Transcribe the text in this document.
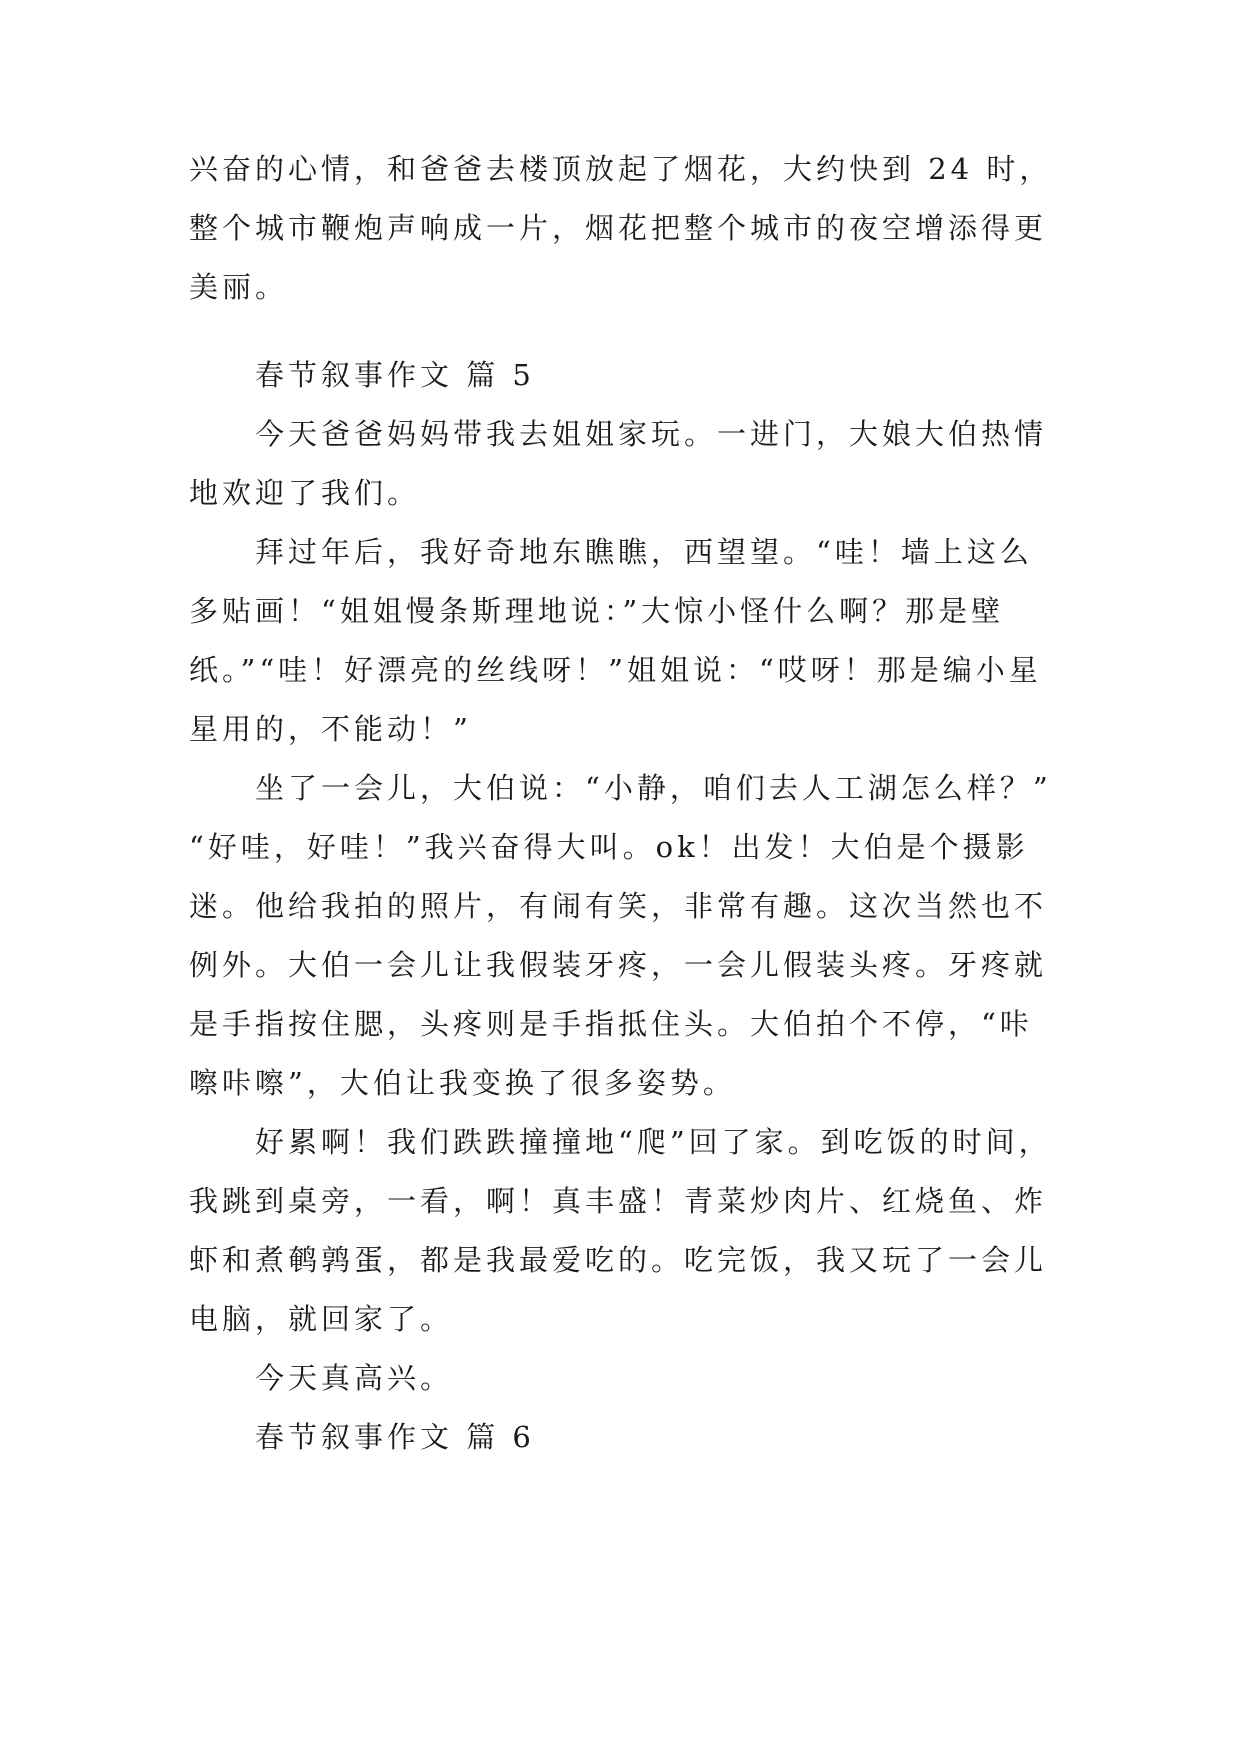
兴奋的心情，和爸爸去楼顶放起了烟花，大约快到 24 时，
整个城市鞭炮声响成一片，烟花把整个城市的夜空增添得更
美丽。
春节叙事作文 篇 5
今天爸爸妈妈带我去姐姐家玩。一进门，大娘大伯热情
地欢迎了我们。
拜过年后，我好奇地东瞧瞧，西望望。“哇！墙上这么
多贴画！“姐姐慢条斯理地说：”大惊小怪什么啊？那是壁
纸。”“哇！好漂亮的丝线呀！”姐姐说：“哎呀！那是编小星
星用的，不能动！”
坐了一会儿，大伯说：“小静，咱们去人工湖怎么样？”
“好哇，好哇！”我兴奋得大叫。ok！出发！大伯是个摄影
迷。他给我拍的照片，有闹有笑，非常有趣。这次当然也不
例外。大伯一会儿让我假装牙疼，一会儿假装头疼。牙疼就
是手指按住腮，头疼则是手指抵住头。大伯拍个不停，“咔
嚓咔嚓”，大伯让我变换了很多姿势。
好累啊！我们跌跌撞撞地“爬”回了家。到吃饭的时间，
我跳到桌旁，一看，啊！真丰盛！青菜炒肉片、红烧鱼、炸
虾和煮鹌鹑蛋，都是我最爱吃的。吃完饭，我又玩了一会儿
电脑，就回家了。
今天真高兴。
春节叙事作文 篇 6
